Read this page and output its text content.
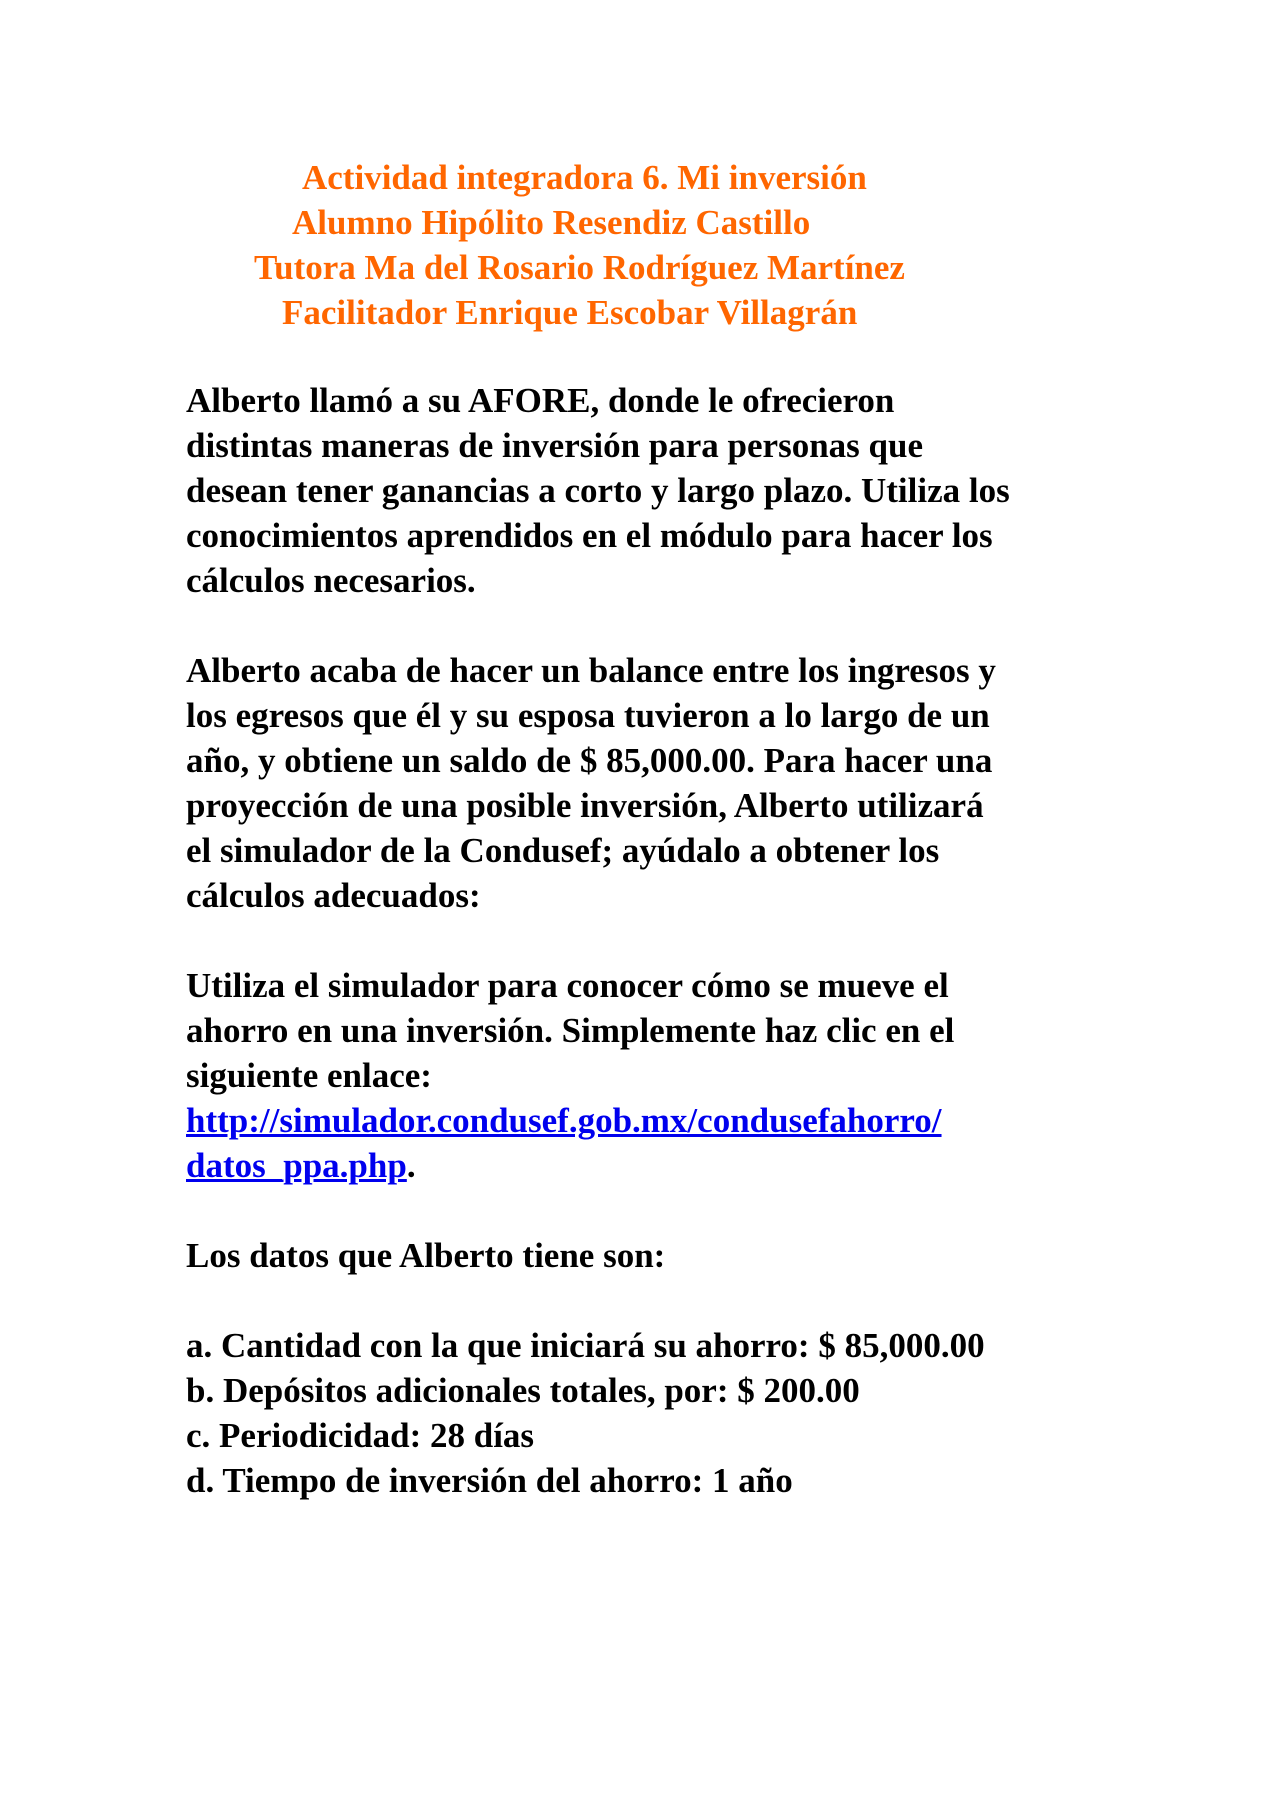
Actividad integradora 6. Mi inversión
Alumno Hipólito Resendiz Castillo
Tutora Ma del Rosario Rodríguez Martínez
Facilitador Enrique Escobar Villagrán
Alberto llamó a su AFORE, donde le ofrecieron
distintas maneras de inversión para personas que
desean tener ganancias a corto y largo plazo. Utiliza los
conocimientos aprendidos en el módulo para hacer los
cálculos necesarios.
Alberto acaba de hacer un balance entre los ingresos y
los egresos que él y su esposa tuvieron a lo largo de un
año, y obtiene un saldo de $ 85,000.00. Para hacer una
proyección de una posible inversión, Alberto utilizará
el simulador de la Condusef; ayúdalo a obtener los
cálculos adecuados:
Utiliza el simulador para conocer cómo se mueve el
ahorro en una inversión. Simplemente haz clic en el
siguiente enlace:
http://simulador.condusef.gob.mx/condusefahorro/
datos_ppa.php.
Los datos que Alberto tiene son:
a. Cantidad con la que iniciará su ahorro: $ 85,000.00
b. Depósitos adicionales totales, por: $ 200.00
c. Periodicidad: 28 días
d. Tiempo de inversión del ahorro: 1 año
